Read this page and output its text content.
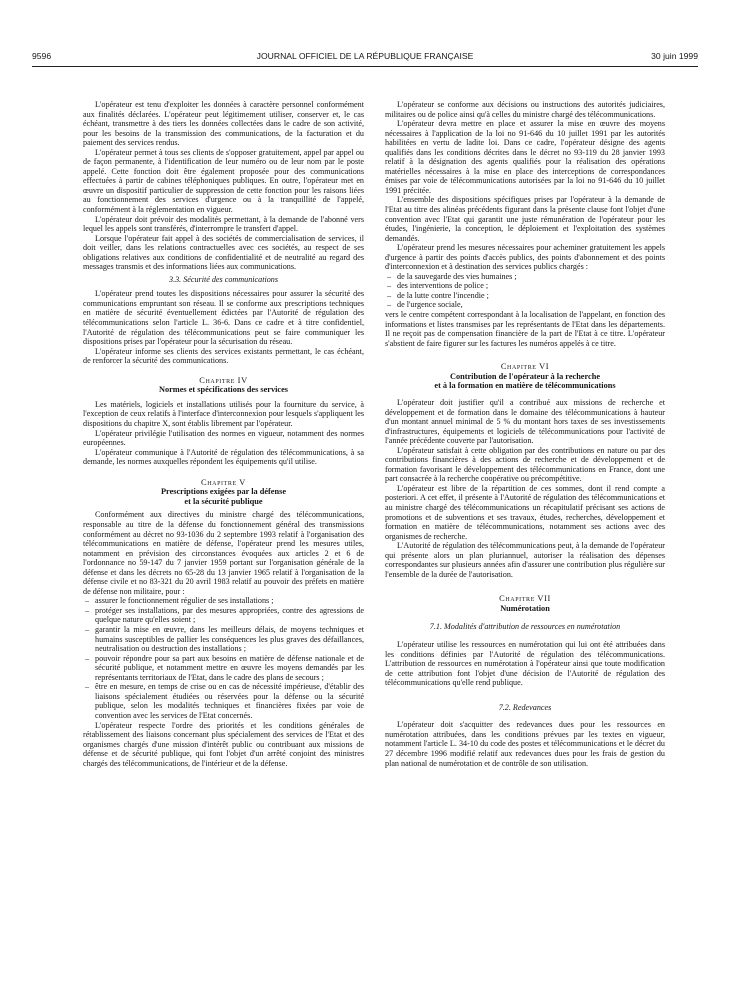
9596	JOURNAL OFFICIEL DE LA RÉPUBLIQUE FRANÇAISE	30 juin 1999

L'opérateur est tenu d'exploiter les données à caractère personnel conformément aux finalités déclarées. L'opérateur peut légitimement utiliser, conserver et, le cas échéant, transmettre à des tiers les données collectées dans le cadre de son activité, pour les besoins de la transmission des communications, de la facturation et du paiement des services rendus.

L'opérateur permet à tous ses clients de s'opposer gratuitement, appel par appel ou de façon permanente, à l'identification de leur numéro ou de leur nom par le poste appelé. Cette fonction doit être également proposée pour des communications effectuées à partir de cabines téléphoniques publiques. En outre, l'opérateur met en œuvre un dispositif particulier de suppression de cette fonction pour les raisons liées au fonctionnement des services d'urgence ou à la tranquillité de l'appelé, conformément à la réglementation en vigueur.

L'opérateur doit prévoir des modalités permettant, à la demande de l'abonné vers lequel les appels sont transférés, d'interrompre le transfert d'appel.

Lorsque l'opérateur fait appel à des sociétés de commercialisation de services, il doit veiller, dans les relations contractuelles avec ces sociétés, au respect de ses obligations relatives aux conditions de confidentialité et de neutralité au regard des messages transmis et des informations liées aux communications.

3.3. Sécurité des communications

L'opérateur prend toutes les dispositions nécessaires pour assurer la sécurité des communications empruntant son réseau. Il se conforme aux prescriptions techniques en matière de sécurité éventuellement édictées par l'Autorité de régulation des télécommunications selon l'article L. 36-6. Dans ce cadre et à titre confidentiel, l'Autorité de régulation des télécommunications peut se faire communiquer les dispositions prises par l'opérateur pour la sécurisation du réseau.

L'opérateur informe ses clients des services existants permettant, le cas échéant, de renforcer la sécurité des communications.

Chapitre IV
Normes et spécifications des services

Les matériels, logiciels et installations utilisés pour la fourniture du service, à l'exception de ceux relatifs à l'interface d'interconnexion pour lesquels s'appliquent les dispositions du chapitre X, sont établis librement par l'opérateur.

L'opérateur privilégie l'utilisation des normes en vigueur, notamment des normes européennes.

L'opérateur communique à l'Autorité de régulation des télécommunications, à sa demande, les normes auxquelles répondent les équipements qu'il utilise.

Chapitre V
Prescriptions exigées par la défense
et la sécurité publique

Conformément aux directives du ministre chargé des télécommunications, responsable au titre de la défense du fonctionnement général des transmissions conformément au décret no 93-1036 du 2 septembre 1993 relatif à l'organisation des télécommunications en matière de défense, l'opérateur prend les mesures utiles, notamment en prévision des circonstances évoquées aux articles 2 et 6 de l'ordonnance no 59-147 du 7 janvier 1959 portant sur l'organisation générale de la défense et dans les décrets no 65-28 du 13 janvier 1965 relatif à l'organisation de la défense civile et no 83-321 du 20 avril 1983 relatif au pouvoir des préfets en matière de défense non militaire, pour :

– assurer le fonctionnement régulier de ses installations ;
– protéger ses installations, par des mesures appropriées, contre des agressions de quelque nature qu'elles soient ;
– garantir la mise en œuvre, dans les meilleurs délais, de moyens techniques et humains susceptibles de pallier les conséquences les plus graves des défaillances, neutralisation ou destruction des installations ;
– pouvoir répondre pour sa part aux besoins en matière de défense nationale et de sécurité publique, et notamment mettre en œuvre les moyens demandés par les représentants territoriaux de l'Etat, dans le cadre des plans de secours ;
– être en mesure, en temps de crise ou en cas de nécessité impérieuse, d'établir des liaisons spécialement étudiées ou réservées pour la défense ou la sécurité publique, selon les modalités techniques et financières fixées par voie de convention avec les services de l'Etat concernés.

L'opérateur respecte l'ordre des priorités et les conditions générales de rétablissement des liaisons concernant plus spécialement des services de l'Etat et des organismes chargés d'une mission d'intérêt public ou contribuant aux missions de défense et de sécurité publique, qui font l'objet d'un arrêté conjoint des ministres chargés des télécommunications, de l'intérieur et de la défense.

L'opérateur se conforme aux décisions ou instructions des autorités judiciaires, militaires ou de police ainsi qu'à celles du ministre chargé des télécommunications.

L'opérateur devra mettre en place et assurer la mise en œuvre des moyens nécessaires à l'application de la loi no 91-646 du 10 juillet 1991 par les autorités habilitées en vertu de ladite loi. Dans ce cadre, l'opérateur désigne des agents qualifiés dans les conditions décrites dans le décret no 93-119 du 28 janvier 1993 relatif à la désignation des agents qualifiés pour la réalisation des opérations matérielles nécessaires à la mise en place des interceptions de correspondances émises par voie de télécommunications autorisées par la loi no 91-646 du 10 juillet 1991 précitée.

L'ensemble des dispositions spécifiques prises par l'opérateur à la demande de l'Etat au titre des alinéas précédents figurant dans la présente clause font l'objet d'une convention avec l'Etat qui garantit une juste rémunération de l'opérateur pour les études, l'ingénierie, la conception, le déploiement et l'exploitation des systèmes demandés.

L'opérateur prend les mesures nécessaires pour acheminer gratuitement les appels d'urgence à partir des points d'accès publics, des points d'abonnement et des points d'interconnexion et à destination des services publics chargés :

– de la sauvegarde des vies humaines ;
– des interventions de police ;
– de la lutte contre l'incendie ;
– de l'urgence sociale,

vers le centre compétent correspondant à la localisation de l'appelant, en fonction des informations et listes transmises par les représentants de l'Etat dans les départements. Il ne reçoit pas de compensation financière de la part de l'Etat à ce titre. L'opérateur s'abstient de faire figurer sur les factures les numéros appelés à ce titre.

Chapitre VI
Contribution de l'opérateur à la recherche
et à la formation en matière de télécommunications

L'opérateur doit justifier qu'il a contribué aux missions de recherche et développement et de formation dans le domaine des télécommunications à hauteur d'un montant annuel minimal de 5 % du montant hors taxes de ses investissements d'infrastructures, équipements et logiciels de télécommunications pour l'activité de l'année précédente couverte par l'autorisation.

L'opérateur satisfait à cette obligation par des contributions en nature ou par des contributions financières à des actions de recherche et de développement et de formation favorisant le développement des télécommunications en France, dont une part consacrée à la recherche coopérative ou précompétitive.

L'opérateur est libre de la répartition de ces sommes, dont il rend compte a posteriori. A cet effet, il présente à l'Autorité de régulation des télécommunications et au ministre chargé des télécommunications un récapitulatif précisant ses actions de promotions et de subventions et ses travaux, études, recherches, développement et formation en matière de télécommunications, notamment ses actions avec des organismes de recherche.

L'Autorité de régulation des télécommunications peut, à la demande de l'opérateur qui présente alors un plan pluriannuel, autoriser la réalisation des dépenses correspondantes sur plusieurs années afin d'assurer une contribution plus régulière sur l'ensemble de la durée de l'autorisation.

Chapitre VII
Numérotation
7.1. Modalités d'attribution de ressources en numérotation

L'opérateur utilise les ressources en numérotation qui lui ont été attribuées dans les conditions définies par l'Autorité de régulation des télécommunications. L'attribution de ressources en numérotation à l'opérateur ainsi que toute modification de cette attribution font l'objet d'une décision de l'Autorité de régulation des télécommunications qu'elle rend publique.

7.2. Redevances

L'opérateur doit s'acquitter des redevances dues pour les ressources en numérotation attribuées, dans les conditions prévues par les textes en vigueur, notamment l'article L. 34-10 du code des postes et télécommunications et le décret du 27 décembre 1996 modifié relatif aux redevances dues pour les frais de gestion du plan national de numérotation et de contrôle de son utilisation.
